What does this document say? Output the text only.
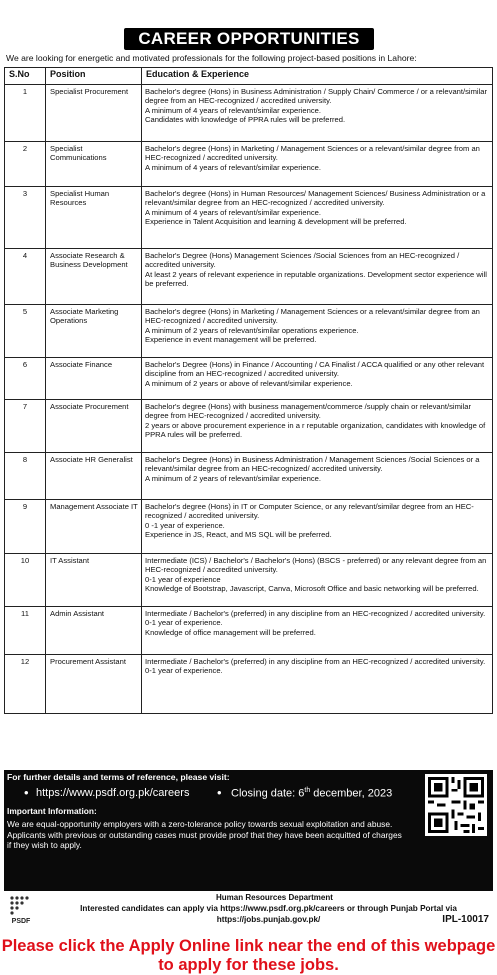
CAREER OPPORTUNITIES
We are looking for energetic and motivated professionals for the following project-based positions in Lahore:
S.No	Position	Education & Experience
1	Specialist Procurement	Bachelor's degree (Hons) in Business Administration / Supply Chain/ Commerce / or a relevant/similar degree from an HEC-recognized / accredited university.

A minimum of 4 years of relevant/similar experience.

Candidates with knowledge of PPRA rules will be preferred.

2	Specialist Communications	Bachelor's degree (Hons) in Marketing / Management Sciences or a relevant/similar degree from an HEC-recognized / accredited university.

A minimum of 4 years of relevant/similar experience.

3	Specialist Human Resources	Bachelor's degree (Hons) in Human Resources/ Management Sciences/ Business Administration or a relevant/similar degree from an HEC-recognized / accredited university.

A minimum of 4 years of relevant/similar experience.

Experience in Talent Acquisition and learning & development will be preferred.

4	Associate Research & Business Development	Bachelor's Degree (Hons) Management Sciences /Social Sciences from an HEC-recognized / accredited university.

At least 2 years of relevant experience in reputable organizations. Development sector experience will be preferred.

5	Associate Marketing Operations	Bachelor's degree (Hons) in Marketing / Management Sciences or a relevant/similar degree from an HEC-recognized / accredited university.

A minimum of 2 years of relevant/similar operations experience.

Experience in event management will be preferred.

6	Associate Finance	Bachelor's Degree (Hons) in Finance / Accounting / CA Finalist / ACCA qualified or any other relevant discipline from an HEC-recognized / accredited university.

A minimum of 2 years or above of relevant/similar experience.

7	Associate Procurement	Bachelor's degree (Hons) with business management/commerce /supply chain or relevant/similar degree from HEC-recognized / accredited university.

2 years or above procurement experience in a r reputable organization, candidates with knowledge of PPRA rules will be preferred.

8	Associate HR Generalist	Bachelor's Degree (Hons) in Business Administration / Management Sciences /Social Sciences or a relevant/similar degree from an HEC-recognized/ accredited university.

A minimum of 2 years of relevant/similar experience.

9	Management Associate IT	Bachelor's degree (Hons) in IT or Computer Science, or any relevant/similar degree from an HEC-recognized / accredited university.

0 -1 year of experience.

Experience in JS, React, and MS SQL will be preferred.

10	IT Assistant	Intermediate (ICS) / Bachelor's / Bachelor's (Hons) (BSCS - preferred) or any relevant degree from an HEC-recognized / accredited university.

0-1 year of experience

Knowledge of Bootstrap, Javascript, Canva, Microsoft Office and basic networking will be preferred.

11	Admin Assistant	Intermediate / Bachelor's (preferred) in any discipline from an HEC-recognized / accredited university.

0-1 year of experience.

Knowledge of office management will be preferred.

12	Procurement Assistant	Intermediate / Bachelor's (preferred) in any discipline from an HEC-recognized / accredited university.

0-1 year of experience.

For further details and terms of reference, please visit:
• https://www.psdf.org.pk/careers • Closing date: 6th december, 2023
Important Information:
We are equal-opportunity employers with a zero-tolerance policy towards sexual exploitation and abuse.
Applicants with previous or outstanding cases must provide proof that they have been acquitted of charges if they wish to apply.
PSDF
Human Resources Department
Interested candidates can apply via https://www.psdf.org.pk/careers or through Punjab Portal via
https://jobs.punjab.gov.pk/	IPL-10017
Please click the Apply Online link near the end of this webpage to apply for these jobs.
